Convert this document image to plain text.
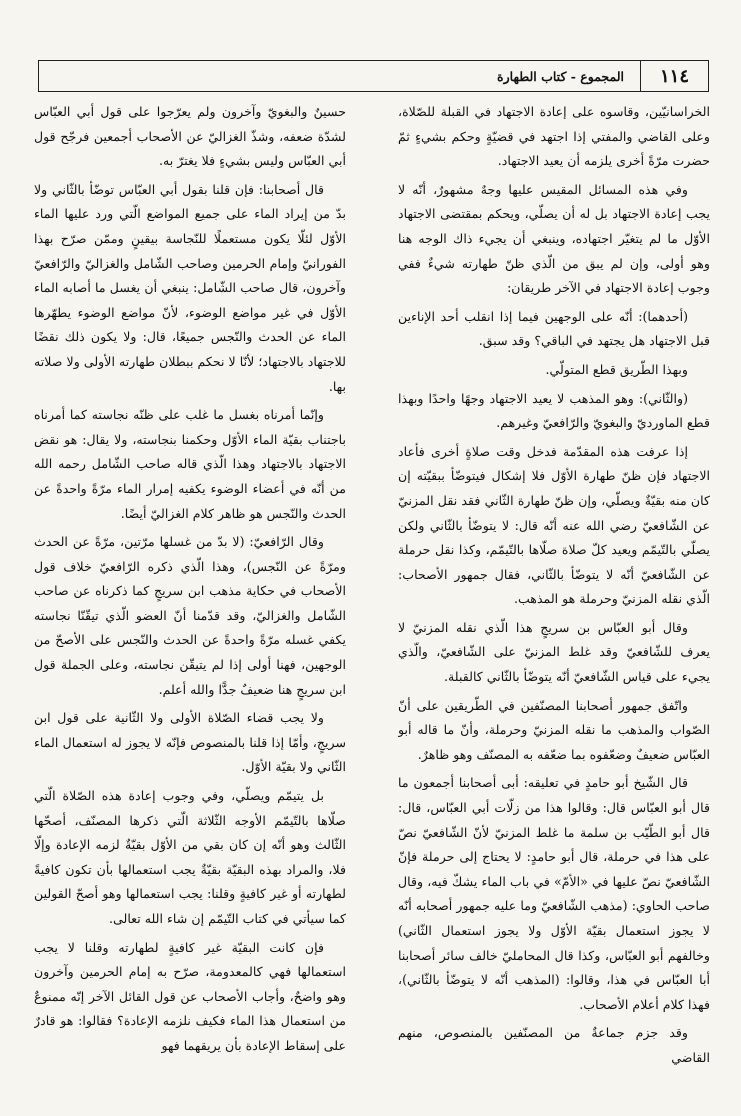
١١٤
المجموع - كتاب الطهارة

الخراسانيّين، وقاسوه على إعادة الاجتهاد في القبلة للصّلاة، وعلى القاضي والمفتي إذا اجتهد في قضيّةٍ وحكم بشيءٍ ثمّ حضرت مرّةً أخرى يلزمه أن يعيد الاجتهاد.

وفي هذه المسائل المقيس عليها وجهٌ مشهورٌ، أنّه لا يجب إعادة الاجتهاد بل له أن يصلّي، ويحكم بمقتضى الاجتهاد الأوّل ما لم يتغيّر اجتهاده، وينبغي أن يجيء ذاك الوجه هنا وهو أولى، وإن لم يبق من الّذي ظنّ طهارته شيءٌ ففي وجوب إعادة الاجتهاد في الآخر طريقان:

(أحدهما): أنّه على الوجهين فيما إذا انقلب أحد الإناءين قبل الاجتهاد هل يجتهد في الباقي؟ وقد سبق.

وبهذا الطّريق قطع المتولّي.

(والثّاني): وهو المذهب لا يعيد الاجتهاد وجهًا واحدًا وبهذا قطع الماورديّ والبغويّ والرّافعيّ وغيرهم.

إذا عرفت هذه المقدّمة فدخل وقت صلاةٍ أخرى فأعاد الاجتهاد فإن ظنّ طهارة الأوّل فلا إشكال فيتوضّأ ببقيّته إن كان منه بقيّةٌ ويصلّي، وإن ظنّ طهارة الثّاني فقد نقل المزنيّ عن الشّافعيّ رضي الله عنه أنّه قال: لا يتوضّأ بالثّاني ولكن يصلّي بالتّيمّم ويعيد كلّ صلاة صلّاها بالتّيمّم، وكذا نقل حرملة عن الشّافعيّ أنّه لا يتوضّأ بالثّاني، فقال جمهور الأصحاب: الّذي نقله المزنيّ وحرملة هو المذهب.

وقال أبو العبّاس بن سريجٍ هذا الّذي نقله المزنيّ لا يعرف للشّافعيّ وقد غلط المزنيّ على الشّافعيّ، والّذي يجيء على قياس الشّافعيّ أنّه يتوضّأ بالثّاني كالقبلة.

واتّفق جمهور أصحابنا المصنّفين في الطّريقين على أنّ الصّواب والمذهب ما نقله المزنيّ وحرملة، وأنّ ما قاله أبو العبّاس ضعيفٌ وضعّفوه بما ضعّفه به المصنّف وهو ظاهرٌ.

قال الشّيخ أبو حامدٍ في تعليقه: أبى أصحابنا أجمعون ما قال أبو العبّاس قال: وقالوا هذا من زلّات أبي العبّاس، قال: قال أبو الطّيّب بن سلمة ما غلط المزنيّ لأنّ الشّافعيّ نصّ على هذا في حرملة، قال أبو حامدٍ: لا يحتاج إلى حرملة فإنّ الشّافعيّ نصّ عليها في «الأمّ» في باب الماء يشكّ فيه، وقال صاحب الحاوي: (مذهب الشّافعيّ وما عليه جمهور أصحابه أنّه لا يجوز استعمال بقيّة الأوّل ولا يجوز استعمال الثّاني) وخالفهم أبو العبّاس، وكذا قال المحامليّ خالف سائر أصحابنا أبا العبّاس في هذا، وقالوا: (المذهب أنّه لا يتوضّأ بالثّاني)، فهذا كلام أعلام الأصحاب.

وقد جزم جماعةٌ من المصنّفين بالمنصوص، منهم القاضي

حسينٌ والبغويّ وآخرون ولم يعرّجوا على قول أبي العبّاس لشدّة ضعفه، وشذّ الغزاليّ عن الأصحاب أجمعين فرجّح قول أبي العبّاس وليس بشيءٍ فلا يغترّ به.

قال أصحابنا: فإن قلنا بقول أبي العبّاس توضّأ بالثّاني ولا بدّ من إيراد الماء على جميع المواضع الّتي ورد عليها الماء الأوّل لئلّا يكون مستعملًا للنّجاسة بيقينٍ وممّن صرّح بهذا الفورانيّ وإمام الحرمين وصاحب الشّامل والغزاليّ والرّافعيّ وآخرون، قال صاحب الشّامل: ينبغي أن يغسل ما أصابه الماء الأوّل في غير مواضع الوضوء، لأنّ مواضع الوضوء يطهّرها الماء عن الحدث والنّجس جميعًا، قال: ولا يكون ذلك نقضًا للاجتهاد بالاجتهاد؛ لأنّا لا نحكم ببطلان طهارته الأولى ولا صلاته بها.

وإنّما أمرناه بغسل ما غلب على ظنّه نجاسته كما أمرناه باجتناب بقيّة الماء الأوّل وحكمنا بنجاسته، ولا يقال: هو نقض الاجتهاد بالاجتهاد وهذا الّذي قاله صاحب الشّامل رحمه الله من أنّه في أعضاء الوضوء يكفيه إمرار الماء مرّةً واحدةً عن الحدث والنّجس هو ظاهر كلام الغزاليّ أيضًا.

وقال الرّافعيّ: (لا بدّ من غسلها مرّتين، مرّةً عن الحدث ومرّةً عن النّجس)، وهذا الّذي ذكره الرّافعيّ خلاف قول الأصحاب في حكاية مذهب ابن سريجٍ كما ذكرناه عن صاحب الشّامل والغزاليّ، وقد قدّمنا أنّ العضو الّذي تيقّنّا نجاسته يكفي غسله مرّةً واحدةً عن الحدث والنّجس على الأصحّ من الوجهين، فهنا أولى إذا لم يتيقّن نجاسته، وعلى الجملة قول ابن سريجٍ هنا ضعيفٌ جدًّا والله أعلم.

ولا يجب قضاء الصّلاة الأولى ولا الثّانية على قول ابن سريجٍ، وأمّا إذا قلنا بالمنصوص فإنّه لا يجوز له استعمال الماء الثّاني ولا بقيّة الأوّل.

بل يتيمّم ويصلّي، وفي وجوب إعادة هذه الصّلاة الّتي صلّاها بالتّيمّم الأوجه الثّلاثة الّتي ذكرها المصنّف، أصحّها الثّالث وهو أنّه إن كان بقي من الأوّل بقيّةٌ لزمه الإعادة وإلّا فلا، والمراد بهذه البقيّة بقيّةٌ يجب استعمالها بأن تكون كافيةً لطهارته أو غير كافيةٍ وقلنا: يجب استعمالها وهو أصحّ القولين كما سيأتي في كتاب التّيمّم إن شاء الله تعالى.

فإن كانت البقيّة غير كافيةٍ لطهارته وقلنا لا يجب استعمالها فهي كالمعدومة، صرّح به إمام الحرمين وآخرون وهو واضحٌ، وأجاب الأصحاب عن قول القائل الآخر إنّه ممنوعٌ من استعمال هذا الماء فكيف نلزمه الإعادة؟ فقالوا: هو قادرٌ على إسقاط الإعادة بأن يريقهما فهو
